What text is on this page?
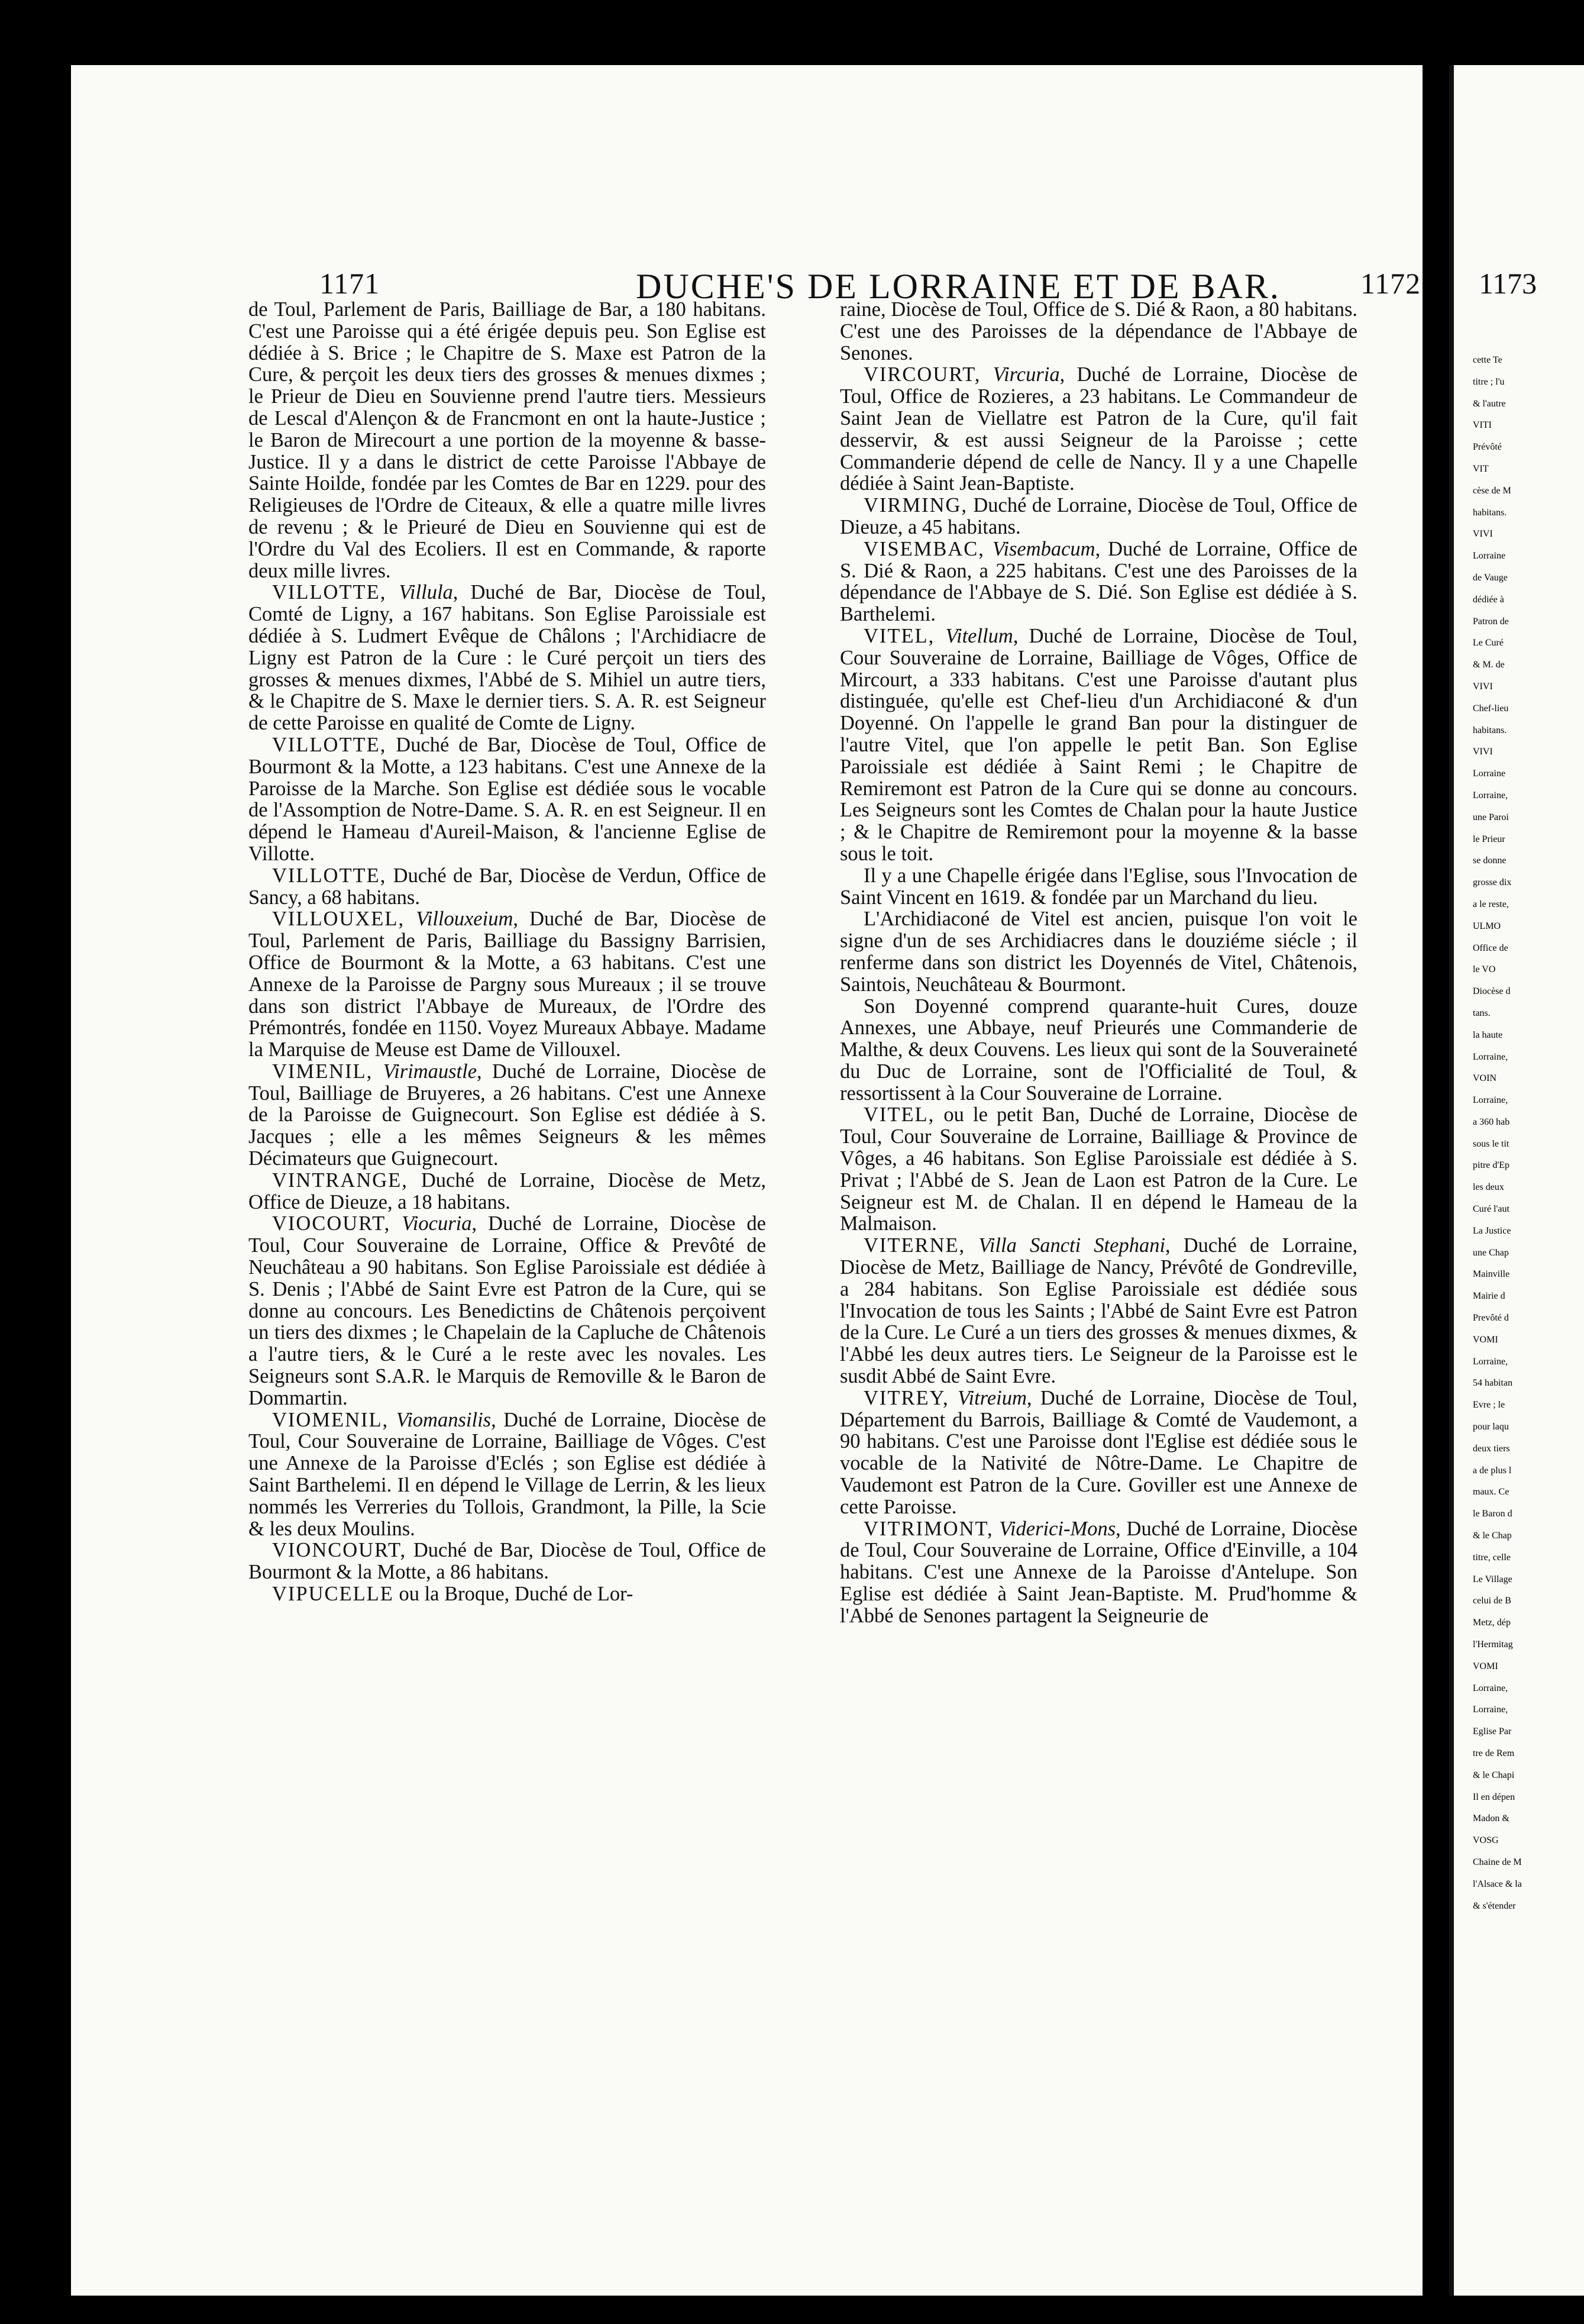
1171	DUCHE'S DE LORRAINE ET DE BAR.	1172

de Toul, Parlement de Paris, Bailliage de Bar, a 180 habitans. C'est une Paroisse qui a été érigée depuis peu. Son Eglise est dédiée à S. Brice ; le Chapitre de S. Maxe est Patron de la Cure, & perçoit les deux tiers des grosses & menues dixmes ; le Prieur de Dieu en Souvienne prend l'autre tiers. Messieurs de Lescal d'Alençon & de Francmont en ont la haute-Justice ; le Baron de Mirecourt a une portion de la moyenne & basse-Justice. Il y a dans le district de cette Paroisse l'Abbaye de Sainte Hoilde, fondée par les Comtes de Bar en 1229. pour des Religieuses de l'Ordre de Citeaux, & elle a quatre mille livres de revenu ; & le Prieuré de Dieu en Souvienne qui est de l'Ordre du Val des Ecoliers. Il est en Commande, & raporte deux mille livres.

VILLOTTE, Villula, Duché de Bar, Diocèse de Toul, Comté de Ligny, a 167 habitans. Son Eglise Paroissiale est dédiée à S. Ludmert Evêque de Châlons ; l'Archidiacre de Ligny est Patron de la Cure : le Curé perçoit un tiers des grosses & menues dixmes, l'Abbé de S. Mihiel un autre tiers, & le Chapitre de S. Maxe le dernier tiers. S. A. R. est Seigneur de cette Paroisse en qualité de Comte de Ligny.

VILLOTTE, Duché de Bar, Diocèse de Toul, Office de Bourmont & la Motte, a 123 habitans. C'est une Annexe de la Paroisse de la Marche. Son Eglise est dédiée sous le vocable de l'Assomption de Notre-Dame. S. A. R. en est Seigneur. Il en dépend le Hameau d'Aureil-Maison, & l'ancienne Eglise de Villotte.

VILLOTTE, Duché de Bar, Diocèse de Verdun, Office de Sancy, a 68 habitans.

VILLOUXEL, Villouxeium, Duché de Bar, Diocèse de Toul, Parlement de Paris, Bailliage du Bassigny Barrisien, Office de Bourmont & la Motte, a 63 habitans. C'est une Annexe de la Paroisse de Pargny sous Mureaux ; il se trouve dans son district l'Abbaye de Mureaux, de l'Ordre des Prémontrés, fondée en 1150. Voyez Mureaux Abbaye. Madame la Marquise de Meuse est Dame de Villouxel.

VIMENIL, Virimaustle, Duché de Lorraine, Diocèse de Toul, Bailliage de Bruyeres, a 26 habitans. C'est une Annexe de la Paroisse de Guignecourt. Son Eglise est dédiée à S. Jacques ; elle a les mêmes Seigneurs & les mêmes Décimateurs que Guignecourt.

VINTRANGE, Duché de Lorraine, Diocèse de Metz, Office de Dieuze, a 18 habitans.

VIOCOURT, Viocuria, Duché de Lorraine, Diocèse de Toul, Cour Souveraine de Lorraine, Office & Prevôté de Neuchâteau a 90 habitans. Son Eglise Paroissiale est dédiée à S. Denis ; l'Abbé de Saint Evre est Patron de la Cure, qui se donne au concours. Les Benedictins de Châtenois perçoivent un tiers des dixmes ; le Chapelain de la Capluche de Châtenois a l'autre tiers, & le Curé a le reste avec les novales. Les Seigneurs sont S.A.R. le Marquis de Removille & le Baron de Dommartin.

VIOMENIL, Viomansilis, Duché de Lorraine, Diocèse de Toul, Cour Souveraine de Lorraine, Bailliage de Vôges. C'est une Annexe de la Paroisse d'Eclés ; son Eglise est dédiée à Saint Barthelemi. Il en dépend le Village de Lerrin, & les lieux nommés les Verreries du Tollois, Grandmont, la Pille, la Scie & les deux Moulins.

VIONCOURT, Duché de Bar, Diocèse de Toul, Office de Bourmont & la Motte, a 86 habitans.

VIPUCELLE ou la Broque, Duché de Lor-

raine, Diocèse de Toul, Office de S. Dié & Raon, a 80 habitans. C'est une des Paroisses de la dépendance de l'Abbaye de Senones.

VIRCOURT, Vircuria, Duché de Lorraine, Diocèse de Toul, Office de Rozieres, a 23 habitans. Le Commandeur de Saint Jean de Viellatre est Patron de la Cure, qu'il fait desservir, & est aussi Seigneur de la Paroisse ; cette Commanderie dépend de celle de Nancy. Il y a une Chapelle dédiée à Saint Jean-Baptiste.

VIRMING, Duché de Lorraine, Diocèse de Toul, Office de Dieuze, a 45 habitans.

VISEMBAC, Visembacum, Duché de Lorraine, Office de S. Dié & Raon, a 225 habitans. C'est une des Paroisses de la dépendance de l'Abbaye de S. Dié. Son Eglise est dédiée à S. Barthelemi.

VITEL, Vitellum, Duché de Lorraine, Diocèse de Toul, Cour Souveraine de Lorraine, Bailliage de Vôges, Office de Mircourt, a 333 habitans. C'est une Paroisse d'autant plus distinguée, qu'elle est Chef-lieu d'un Archidiaconé & d'un Doyenné. On l'appelle le grand Ban pour la distinguer de l'autre Vitel, que l'on appelle le petit Ban. Son Eglise Paroissiale est dédiée à Saint Remi ; le Chapitre de Remiremont est Patron de la Cure qui se donne au concours. Les Seigneurs sont les Comtes de Chalan pour la haute Justice ; & le Chapitre de Remiremont pour la moyenne & la basse sous le toit.

Il y a une Chapelle érigée dans l'Eglise, sous l'Invocation de Saint Vincent en 1619. & fondée par un Marchand du lieu.

L'Archidiaconé de Vitel est ancien, puisque l'on voit le signe d'un de ses Archidiacres dans le douziéme siécle ; il renferme dans son district les Doyennés de Vitel, Châtenois, Saintois, Neuchâteau & Bourmont.

Son Doyenné comprend quarante-huit Cures, douze Annexes, une Abbaye, neuf Prieurés une Commanderie de Malthe, & deux Couvens. Les lieux qui sont de la Souveraineté du Duc de Lorraine, sont de l'Officialité de Toul, & ressortissent à la Cour Souveraine de Lorraine.

VITEL, ou le petit Ban, Duché de Lorraine, Diocèse de Toul, Cour Souveraine de Lorraine, Bailliage & Province de Vôges, a 46 habitans. Son Eglise Paroissiale est dédiée à S. Privat ; l'Abbé de S. Jean de Laon est Patron de la Cure. Le Seigneur est M. de Chalan. Il en dépend le Hameau de la Malmaison.

VITERNE, Villa Sancti Stephani, Duché de Lorraine, Diocèse de Metz, Bailliage de Nancy, Prévôté de Gondreville, a 284 habitans. Son Eglise Paroissiale est dédiée sous l'Invocation de tous les Saints ; l'Abbé de Saint Evre est Patron de la Cure. Le Curé a un tiers des grosses & menues dixmes, & l'Abbé les deux autres tiers. Le Seigneur de la Paroisse est le susdit Abbé de Saint Evre.

VITREY, Vitreium, Duché de Lorraine, Diocèse de Toul, Département du Barrois, Bailliage & Comté de Vaudemont, a 90 habitans. C'est une Paroisse dont l'Eglise est dédiée sous le vocable de la Nativité de Nôtre-Dame. Le Chapitre de Vaudemont est Patron de la Cure. Goviller est une Annexe de cette Paroisse.

VITRIMONT, Viderici-Mons, Duché de Lorraine, Diocèse de Toul, Cour Souveraine de Lorraine, Office d'Einville, a 104 habitans. C'est une Annexe de la Paroisse d'Antelupe. Son Eglise est dédiée à Saint Jean-Baptiste. M. Prud'homme & l'Abbé de Senones partagent la Seigneurie de

1173
cette Te
titre ; l'u
& l'autre
VITI
Prévôté
VIT
cèse de M
habitans.
VIVI
Lorraine
de Vauge
dédiée à
Patron de
Le Curé
& M. de
VIVI
Chef-lieu
habitans.
VIVI
Lorraine
Lorraine,
une Paroi
le Prieur
se donne
grosse dix
a le reste,
ULMO
Office de
le VO
Diocèse d
tans.
la haute
Lorraine,
VOIN
Lorraine,
a 360 hab
sous le tit
pitre d'Ep
les deux
Curé l'aut
La Justice
une Chap
Mainville
Mairie d
Prevôté d
VOMI
Lorraine,
54 habitan
Evre ; le
pour laqu
deux tiers
a de plus l
maux. Ce
le Baron d
& le Chap
titre, celle
Le Village
celui de B
Metz, dép
l'Hermitag
VOMI
Lorraine,
Lorraine,
Eglise Par
tre de Rem
& le Chapi
Il en dépen
Madon &
VOSG
Chaine de M
l'Alsace & la
& s'étender
